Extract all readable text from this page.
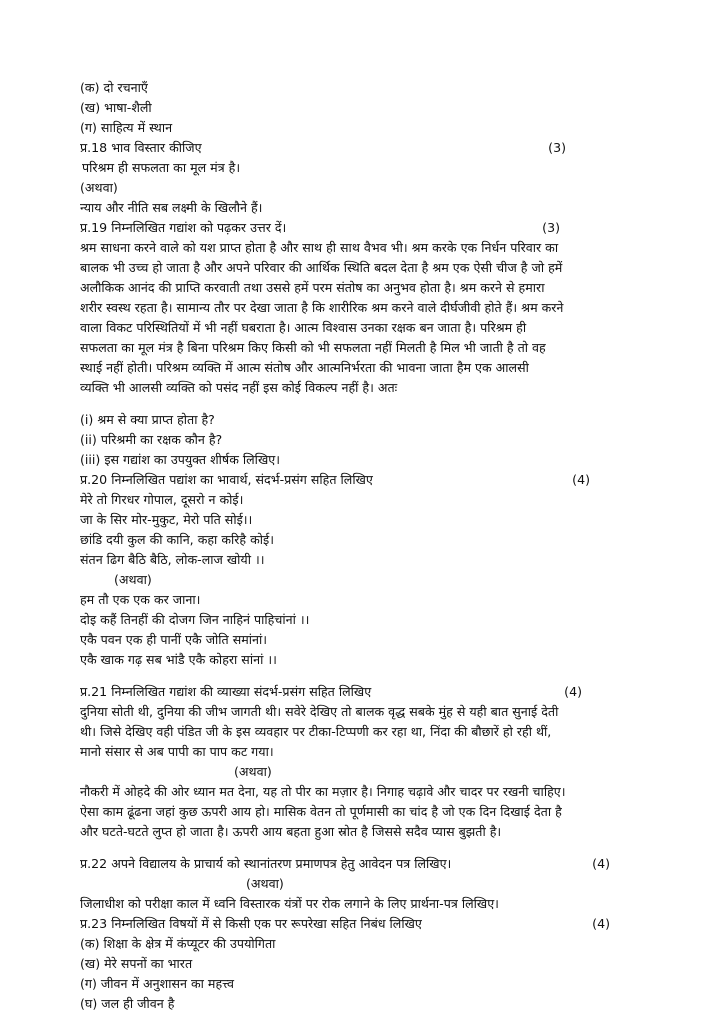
(क) दो रचनाएँ
(ख) भाषा-शैली
(ग) साहित्य में स्थान
प्र.18 भाव विस्तार कीजिए	(3)
परिश्रम ही सफलता का मूल मंत्र है।
(अथवा)
न्याय और नीति सब लक्ष्मी के खिलौने हैं।
प्र.19 निम्नलिखित गद्यांश को पढ़कर उत्तर दें।	(3)
श्रम साधना करने वाले को यश प्राप्त होता है और साथ ही साथ वैभव भी। श्रम करके एक निर्धन परिवार का
बालक भी उच्च हो जाता है और अपने परिवार की आर्थिक स्थिति बदल देता है श्रम एक ऐसी चीज है जो हमें
अलौकिक आनंद की प्राप्ति करवाती तथा उससे हमें परम संतोष का अनुभव होता है। श्रम करने से हमारा
शरीर स्वस्थ रहता है। सामान्य तौर पर देखा जाता है कि शारीरिक श्रम करने वाले दीर्घजीवी होते हैं। श्रम करने
वाला विकट परिस्थितियों में भी नहीं घबराता है। आत्म विश्वास उनका रक्षक बन जाता है। परिश्रम ही
सफलता का मूल मंत्र है बिना परिश्रम किए किसी को भी सफलता नहीं मिलती है मिल भी जाती है तो वह
स्थाई नहीं होती। परिश्रम व्यक्ति में आत्म संतोष और आत्मनिर्भरता की भावना जाता हैम एक आलसी
व्यक्ति भी आलसी व्यक्ति को पसंद नहीं इस कोई विकल्प नहीं है। अतः
(i) श्रम से क्या प्राप्त होता है?
(ii) परिश्रमी का रक्षक कौन है?
(iii) इस गद्यांश का उपयुक्त शीर्षक लिखिए।
प्र.20 निम्नलिखित पद्यांश का भावार्थ, संदर्भ-प्रसंग सहित लिखिए	(4)
मेरे तो गिरधर गोपाल, दूसरो न कोई।
जा के सिर मोर-मुकुट, मेरो पति सोई।।
छांडि दयी कुल की कानि, कहा करिहै कोई।
संतन ढिग बैठि बैठि, लोक-लाज खोयी ।।
(अथवा)
हम तौ एक एक कर जाना।
दोइ कहैं तिनहीं की दोजग जिन नाहिनं पाहिचांनां ।।
एकै पवन एक ही पानीं एकै जोति समांनां।
एकै खाक गढ़ सब भांडै एकै कोहरा सांनां ।।
प्र.21 निम्नलिखित गद्यांश की व्याख्या संदर्भ-प्रसंग सहित लिखिए	(4)
दुनिया सोती थी, दुनिया की जीभ जागती थी। सवेरे देखिए तो बालक वृद्ध सबके मुंह से यही बात सुनाई देती
थी। जिसे देखिए वही पंडित जी के इस व्यवहार पर टीका-टिप्पणी कर रहा था, निंदा की बौछारें हो रही थीं,
मानो संसार से अब पापी का पाप कट गया।
(अथवा)
नौकरी में ओहदे की ओर ध्यान मत देना, यह तो पीर का मज़ार है। निगाह चढ़ावे और चादर पर रखनी चाहिए।
ऐसा काम ढूंढना जहां कुछ ऊपरी आय हो। मासिक वेतन तो पूर्णमासी का चांद है जो एक दिन दिखाई देता है
और घटते-घटते लुप्त हो जाता है। ऊपरी आय बहता हुआ स्रोत है जिससे सदैव प्यास बुझती है।
प्र.22 अपने विद्यालय के प्राचार्य को स्थानांतरण प्रमाणपत्र हेतु आवेदन पत्र लिखिए।	(4)
(अथवा)
जिलाधीश को परीक्षा काल में ध्वनि विस्तारक यंत्रों पर रोक लगाने के लिए प्रार्थना-पत्र लिखिए।
प्र.23 निम्नलिखित विषयों में से किसी एक पर रूपरेखा सहित निबंध लिखिए	(4)
(क) शिक्षा के क्षेत्र में कंप्यूटर की उपयोगिता
(ख) मेरे सपनों का भारत
(ग) जीवन में अनुशासन का महत्त्व
(घ) जल ही जीवन है
